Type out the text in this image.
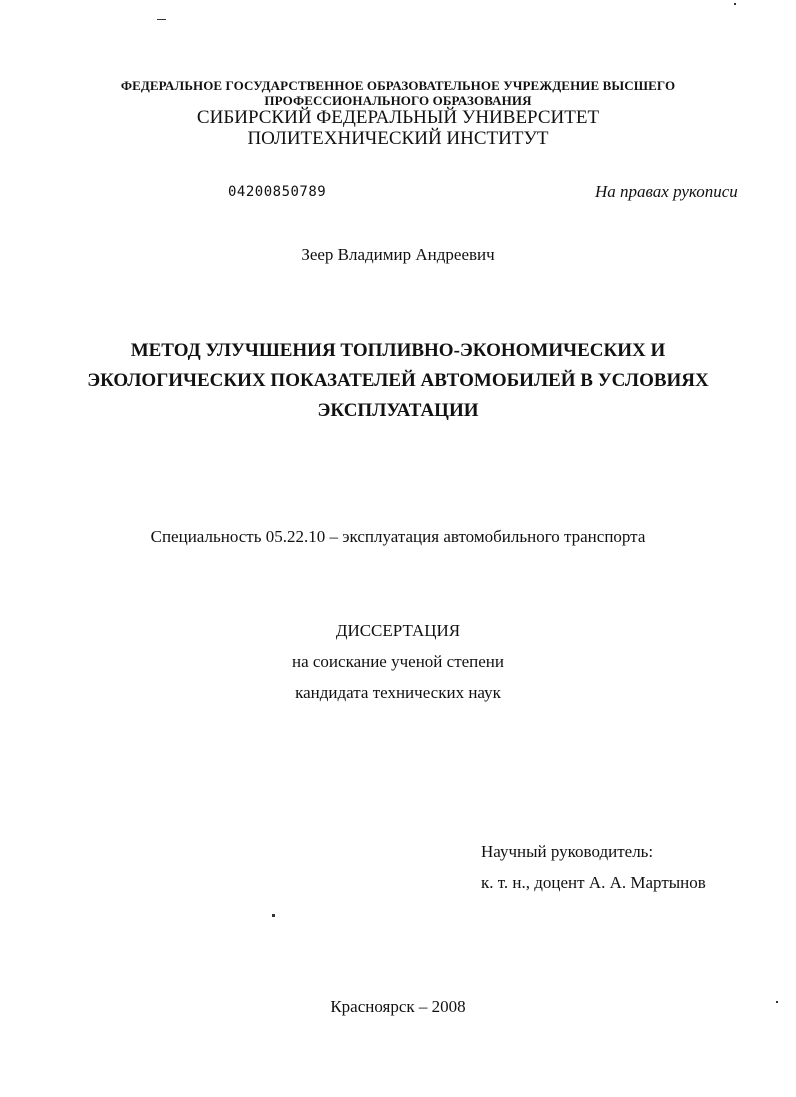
ФЕДЕРАЛЬНОЕ ГОСУДАРСТВЕННОЕ ОБРАЗОВАТЕЛЬНОЕ УЧРЕЖДЕНИЕ ВЫСШЕГО
ПРОФЕССИОНАЛЬНОГО ОБРАЗОВАНИЯ
СИБИРСКИЙ ФЕДЕРАЛЬНЫЙ УНИВЕРСИТЕТ
ПОЛИТЕХНИЧЕСКИЙ ИНСТИТУТ
04200850789	На правах рукописи
Зеер Владимир Андреевич
МЕТОД УЛУЧШЕНИЯ ТОПЛИВНО-ЭКОНОМИЧЕСКИХ И
ЭКОЛОГИЧЕСКИХ ПОКАЗАТЕЛЕЙ АВТОМОБИЛЕЙ В УСЛОВИЯХ
ЭКСПЛУАТАЦИИ
Специальность 05.22.10 – эксплуатация автомобильного транспорта
ДИССЕРТАЦИЯ
на соискание ученой степени
кандидата технических наук
Научный руководитель:
к. т. н., доцент А. А. Мартынов
Красноярск – 2008
